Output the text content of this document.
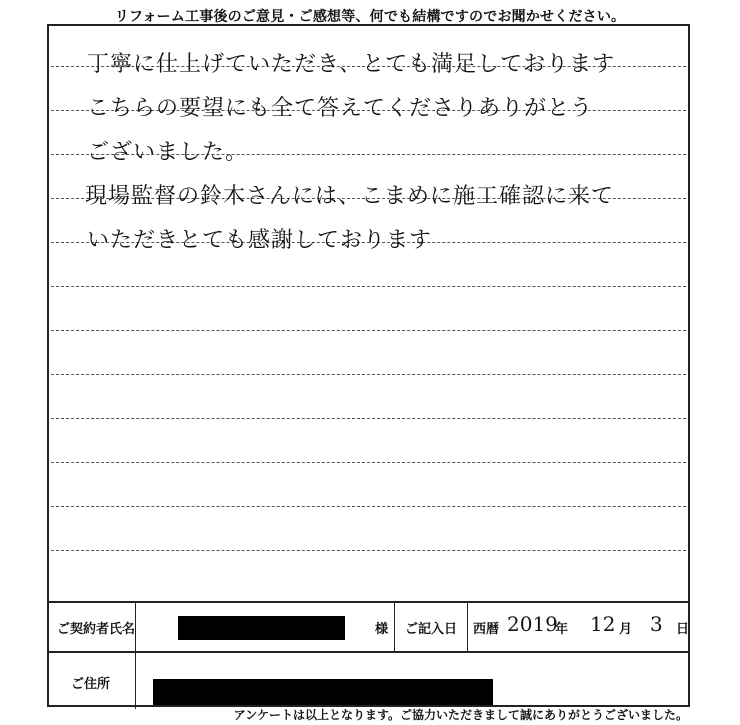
リフォーム工事後のご意見・ご感想等、何でも結構ですのでお聞かせください。
丁寧に仕上げていただき、とても満足しております
こちらの要望にも全て答えてくださりありがとう
ございました。
現場監督の鈴木さんには、こまめに施工確認に来て
いただきとても感謝しております
ご契約者氏名	様 ご記入日 西暦 2019
年 12 月 3 日
ご住所
アンケートは以上となります。ご協力いただきまして誠にありがとうございました。
